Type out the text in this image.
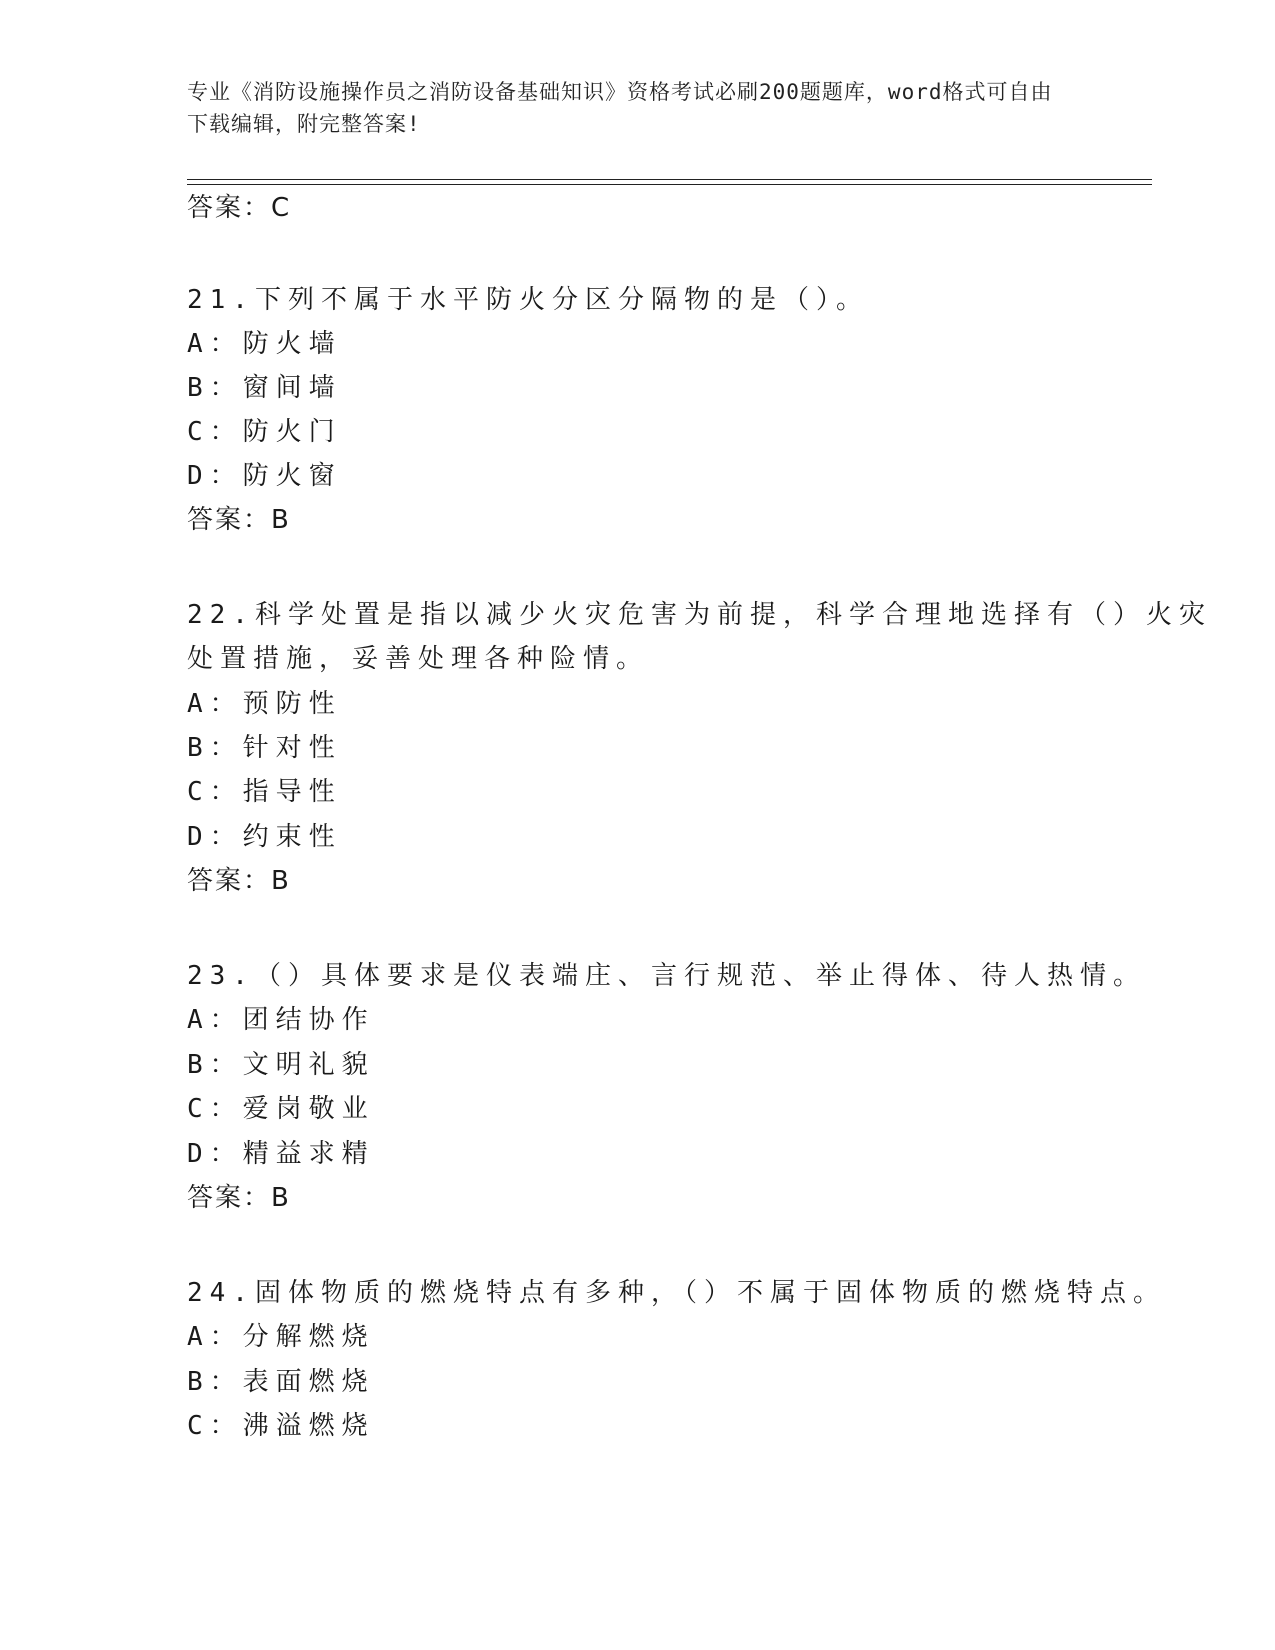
专业《消防设施操作员之消防设备基础知识》资格考试必刷200题题库，word格式可自由下载编辑，附完整答案!
答案：C
21.下列不属于水平防火分区分隔物的是（）。
A：防火墙
B：窗间墙
C：防火门
D：防火窗
答案：B
22.科学处置是指以减少火灾危害为前提，科学合理地选择有（）火灾
处置措施，妥善处理各种险情。
A：预防性
B：针对性
C：指导性
D：约束性
答案：B
23.（）具体要求是仪表端庄、言行规范、举止得体、待人热情。
A：团结协作
B：文明礼貌
C：爱岗敬业
D：精益求精
答案：B
24.固体物质的燃烧特点有多种，（）不属于固体物质的燃烧特点。
A：分解燃烧
B：表面燃烧
C：沸溢燃烧
